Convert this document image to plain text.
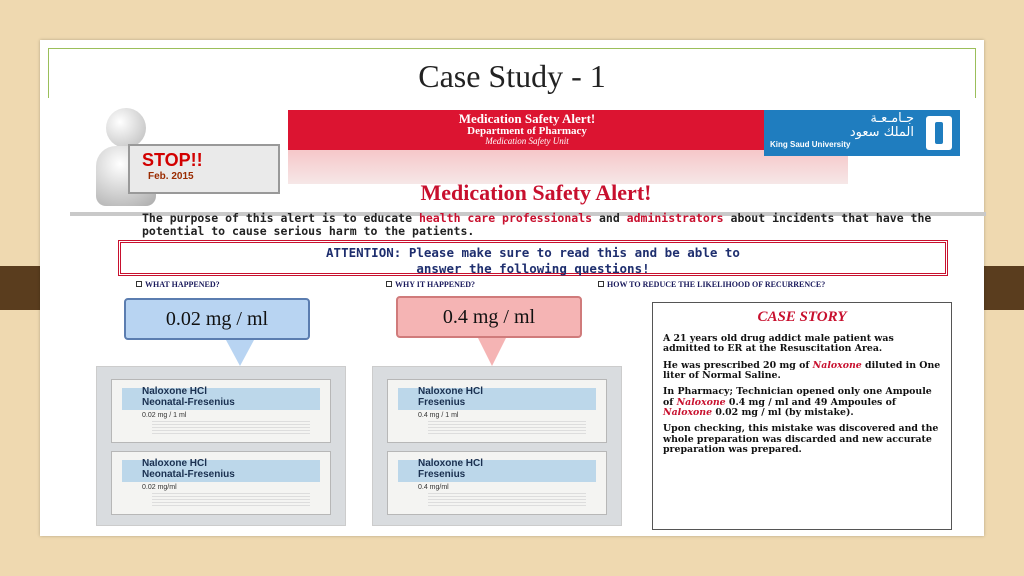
Case Study - 1
STOP!!
Feb. 2015
Medication Safety Alert!
Department of Pharmacy
Medication Safety Unit
جـامـعـة
الملك سعود
King Saud University
Medication Safety Alert!
The purpose of this alert is to educate health care professionals and administrators about incidents that have the potential to cause serious harm to the patients.
ATTENTION: Please make sure to read this and be able to
answer the following questions!
WHAT HAPPENED?	WHY IT HAPPENED?	HOW TO REDUCE THE LIKELIHOOD OF RECURRENCE?
0.02 mg / ml	0.4 mg / ml
Naloxone HCl
Neonatal-Fresenius
0.02 mg / 1 ml
Naloxone HCl
Neonatal-Fresenius
0.02 mg/ml
Naloxone HCl
Fresenius
0.4 mg / 1 ml
Naloxone HCl
Fresenius
0.4 mg/ml
CASE STORY

A 21 years old drug addict male patient was admitted to ER at the Resuscitation Area.

He was prescribed 20 mg of Naloxone diluted in One liter of Normal Saline.

In Pharmacy; Technician opened only one Ampoule of Naloxone 0.4 mg / ml and 49 Ampoules of Naloxone 0.02 mg / ml (by mistake).

Upon checking, this mistake was discovered and the whole preparation was discarded and new accurate preparation was prepared.
